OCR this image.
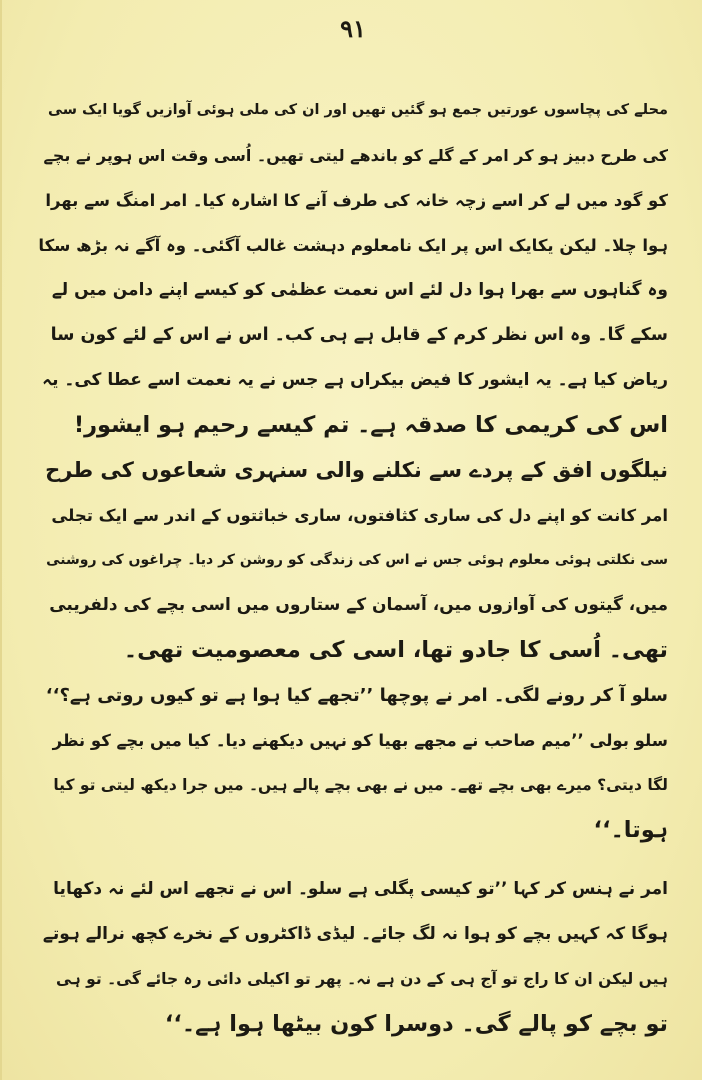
۹۱
محلے کی پچاسوں عورتیں جمع ہو گئیں تھیں اور ان کی ملی ہوئی آوازیں گویا ایک سی
کی طرح دبیز ہو کر امر کے گلے کو باندھے لیتی تھیں۔ اُسی وقت اس ہوپر نے بچے
کو گود میں لے کر اسے زچہ خانہ کی طرف آنے کا اشارہ کیا۔ امر امنگ سے بھرا
ہوا چلا۔ لیکن یکایک اس پر ایک نامعلوم دہشت غالب آگئی۔ وہ آگے نہ بڑھ سکا
وہ گناہوں سے بھرا ہوا دل لئے اس نعمت عظمٰی کو کیسے اپنے دامن میں لے
سکے گا۔ وہ اس نظر کرم کے قابل ہے ہی کب۔ اس نے اس کے لئے کون سا
ریاض کیا ہے۔ یہ ایشور کا فیض بیکراں ہے جس نے یہ نعمت اسے عطا کی۔ یہ
اس کی کریمی کا صدقہ ہے۔ تم کیسے رحیم ہو ایشور!
نیلگوں افق کے پردے سے نکلنے والی سنہری شعاعوں کی طرح
امر کانت کو اپنے دل کی ساری کثافتوں، ساری خباثتوں کے اندر سے ایک تجلی
سی نکلتی ہوئی معلوم ہوئی جس نے اس کی زندگی کو روشن کر دیا۔ چراغوں کی روشنی
میں، گیتوں کی آوازوں میں، آسمان کے ستاروں میں اسی بچے کی دلفریبی
تھی۔ اُسی کا جادو تھا، اسی کی معصومیت تھی۔
سلو آ کر رونے لگی۔ امر نے پوچھا ’’تجھے کیا ہوا ہے تو کیوں روتی ہے؟‘‘
سلو بولی ’’میم صاحب نے مجھے بھیا کو نہیں دیکھنے دیا۔ کیا میں بچے کو نظر
لگا دیتی؟ میرے بھی بچے تھے۔ میں نے بھی بچے پالے ہیں۔ میں جرا دیکھ لیتی تو کیا
ہوتا۔‘‘
امر نے ہنس کر کہا ’’تو کیسی پگلی ہے سلو۔ اس نے تجھے اس لئے نہ دکھایا
ہوگا کہ کہیں بچے کو ہوا نہ لگ جائے۔ لیڈی ڈاکٹروں کے نخرے کچھ نرالے ہوتے
ہیں لیکن ان کا راج تو آج ہی کے دن ہے نہ۔ پھر تو اکیلی دائی رہ جائے گی۔ تو ہی
تو بچے کو پالے گی۔ دوسرا کون بیٹھا ہوا ہے۔‘‘
